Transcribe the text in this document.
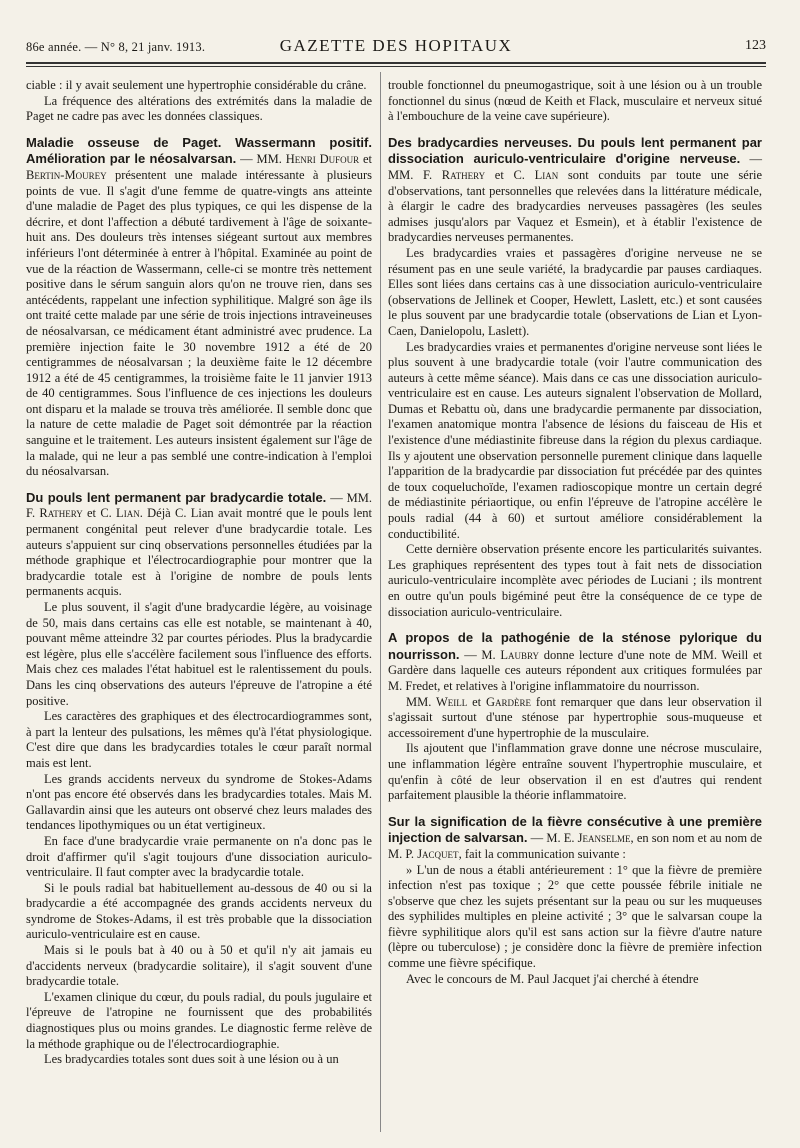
86e année. — N° 8, 21 janv. 1913.	GAZETTE DES HOPITAUX	123

ciable : il y avait seulement une hypertrophie considérable du crâne.

La fréquence des altérations des extrémités dans la maladie de Paget ne cadre pas avec les données classiques.

Maladie osseuse de Paget. Wassermann positif. Amélioration par le néosalvarsan. — MM. Henri Dufour et Bertin-Mourey présentent une malade intéressante à plusieurs points de vue. Il s'agit d'une femme de quatre-vingts ans atteinte d'une maladie de Paget des plus typiques, ce qui les dispense de la décrire, et dont l'affection a débuté tardivement à l'âge de soixante-huit ans. Des douleurs très intenses siégeant surtout aux membres inférieurs l'ont déterminée à entrer à l'hôpital. Examinée au point de vue de la réaction de Wassermann, celle-ci se montre très nettement positive dans le sérum sanguin alors qu'on ne trouve rien, dans ses antécédents, rappelant une infection syphilitique. Malgré son âge ils ont traité cette malade par une série de trois injections intraveineuses de néosalvarsan, ce médicament étant administré avec prudence. La première injection faite le 30 novembre 1912 a été de 20 centigrammes de néosalvarsan ; la deuxième faite le 12 décembre 1912 a été de 45 centigrammes, la troisième faite le 11 janvier 1913 de 40 centigrammes. Sous l'influence de ces injections les douleurs ont disparu et la malade se trouva très améliorée. Il semble donc que la nature de cette maladie de Paget soit démontrée par la réaction sanguine et le traitement. Les auteurs insistent également sur l'âge de la malade, qui ne leur a pas semblé une contre-indication à l'emploi du néosalvarsan.

Du pouls lent permanent par bradycardie totale. — MM. F. Rathery et C. Lian. Déjà C. Lian avait montré que le pouls lent permanent congénital peut relever d'une bradycardie totale. Les auteurs s'appuient sur cinq observations personnelles étudiées par la méthode graphique et l'électrocardiographie pour montrer que la bradycardie totale est à l'origine de nombre de pouls lents permanents acquis.

Le plus souvent, il s'agit d'une bradycardie légère, au voisinage de 50, mais dans certains cas elle est notable, se maintenant à 40, pouvant même atteindre 32 par courtes périodes. Plus la bradycardie est légère, plus elle s'accélère facilement sous l'influence des efforts. Mais chez ces malades l'état habituel est le ralentissement du pouls. Dans les cinq observations des auteurs l'épreuve de l'atropine a été positive.

Les caractères des graphiques et des électrocardiogrammes sont, à part la lenteur des pulsations, les mêmes qu'à l'état physiologique. C'est dire que dans les bradycardies totales le cœur paraît normal mais est lent.

Les grands accidents nerveux du syndrome de Stokes-Adams n'ont pas encore été observés dans les bradycardies totales. Mais M. Gallavardin ainsi que les auteurs ont observé chez leurs malades des tendances lipothymiques ou un état vertigineux.

En face d'une bradycardie vraie permanente on n'a donc pas le droit d'affirmer qu'il s'agit toujours d'une dissociation auriculo-ventriculaire. Il faut compter avec la bradycardie totale.

Si le pouls radial bat habituellement au-dessous de 40 ou si la bradycardie a été accompagnée des grands accidents nerveux du syndrome de Stokes-Adams, il est très probable que la dissociation auriculo-ventriculaire est en cause.

Mais si le pouls bat à 40 ou à 50 et qu'il n'y ait jamais eu d'accidents nerveux (bradycardie solitaire), il s'agit souvent d'une bradycardie totale.

L'examen clinique du cœur, du pouls radial, du pouls jugulaire et l'épreuve de l'atropine ne fournissent que des probabilités diagnostiques plus ou moins grandes. Le diagnostic ferme relève de la méthode graphique ou de l'électrocardiographie.

Les bradycardies totales sont dues soit à une lésion ou à un

trouble fonctionnel du pneumogastrique, soit à une lésion ou à un trouble fonctionnel du sinus (nœud de Keith et Flack, musculaire et nerveux situé à l'embouchure de la veine cave supérieure).

Des bradycardies nerveuses. Du pouls lent permanent par dissociation auriculo-ventriculaire d'origine nerveuse. — MM. F. Rathery et C. Lian sont conduits par toute une série d'observations, tant personnelles que relevées dans la littérature médicale, à élargir le cadre des bradycardies nerveuses passagères (les seules admises jusqu'alors par Vaquez et Esmein), et à établir l'existence de bradycardies nerveuses permanentes.

Les bradycardies vraies et passagères d'origine nerveuse ne se résument pas en une seule variété, la bradycardie par pauses cardiaques. Elles sont liées dans certains cas à une dissociation auriculo-ventriculaire (observations de Jellinek et Cooper, Hewlett, Laslett, etc.) et sont causées le plus souvent par une bradycardie totale (observations de Lian et Lyon-Caen, Danielopolu, Laslett).

Les bradycardies vraies et permanentes d'origine nerveuse sont liées le plus souvent à une bradycardie totale (voir l'autre communication des auteurs à cette même séance). Mais dans ce cas une dissociation auriculo-ventriculaire est en cause. Les auteurs signalent l'observation de Mollard, Dumas et Rebattu où, dans une bradycardie permanente par dissociation, l'examen anatomique montra l'absence de lésions du faisceau de His et l'existence d'une médiastinite fibreuse dans la région du plexus cardiaque. Ils y ajoutent une observation personnelle purement clinique dans laquelle l'apparition de la bradycardie par dissociation fut précédée par des quintes de toux coqueluchoïde, l'examen radioscopique montre un certain degré de médiastinite périaortique, ou enfin l'épreuve de l'atropine accélère le pouls radial (44 à 60) et surtout améliore considérablement la conductibilité.

Cette dernière observation présente encore les particularités suivantes. Les graphiques représentent des types tout à fait nets de dissociation auriculo-ventriculaire incomplète avec périodes de Luciani ; ils montrent en outre qu'un pouls bigéminé peut être la conséquence de ce type de dissociation auriculo-ventriculaire.

A propos de la pathogénie de la sténose pylorique du nourrisson. — M. Laubry donne lecture d'une note de MM. Weill et Gardère dans laquelle ces auteurs répondent aux critiques formulées par M. Fredet, et relatives à l'origine inflammatoire du nourrisson.

MM. Weill et Gardère font remarquer que dans leur observation il s'agissait surtout d'une sténose par hypertrophie sous-muqueuse et accessoirement d'une hypertrophie de la musculaire.

Ils ajoutent que l'inflammation grave donne une nécrose musculaire, une inflammation légère entraîne souvent l'hypertrophie musculaire, et qu'enfin à côté de leur observation il en est d'autres qui rendent parfaitement plausible la théorie inflammatoire.

Sur la signification de la fièvre consécutive à une première injection de salvarsan. — M. E. Jeanselme, en son nom et au nom de M. P. Jacquet, fait la communication suivante :

» L'un de nous a établi antérieurement : 1° que la fièvre de première infection n'est pas toxique ; 2° que cette poussée fébrile initiale ne s'observe que chez les sujets présentant sur la peau ou sur les muqueuses des syphilides multiples en pleine activité ; 3° que le salvarsan coupe la fièvre syphilitique alors qu'il est sans action sur la fièvre d'autre nature (lèpre ou tuberculose) ; je considère donc la fièvre de première infection comme une fièvre spécifique.

Avec le concours de M. Paul Jacquet j'ai cherché à étendre
